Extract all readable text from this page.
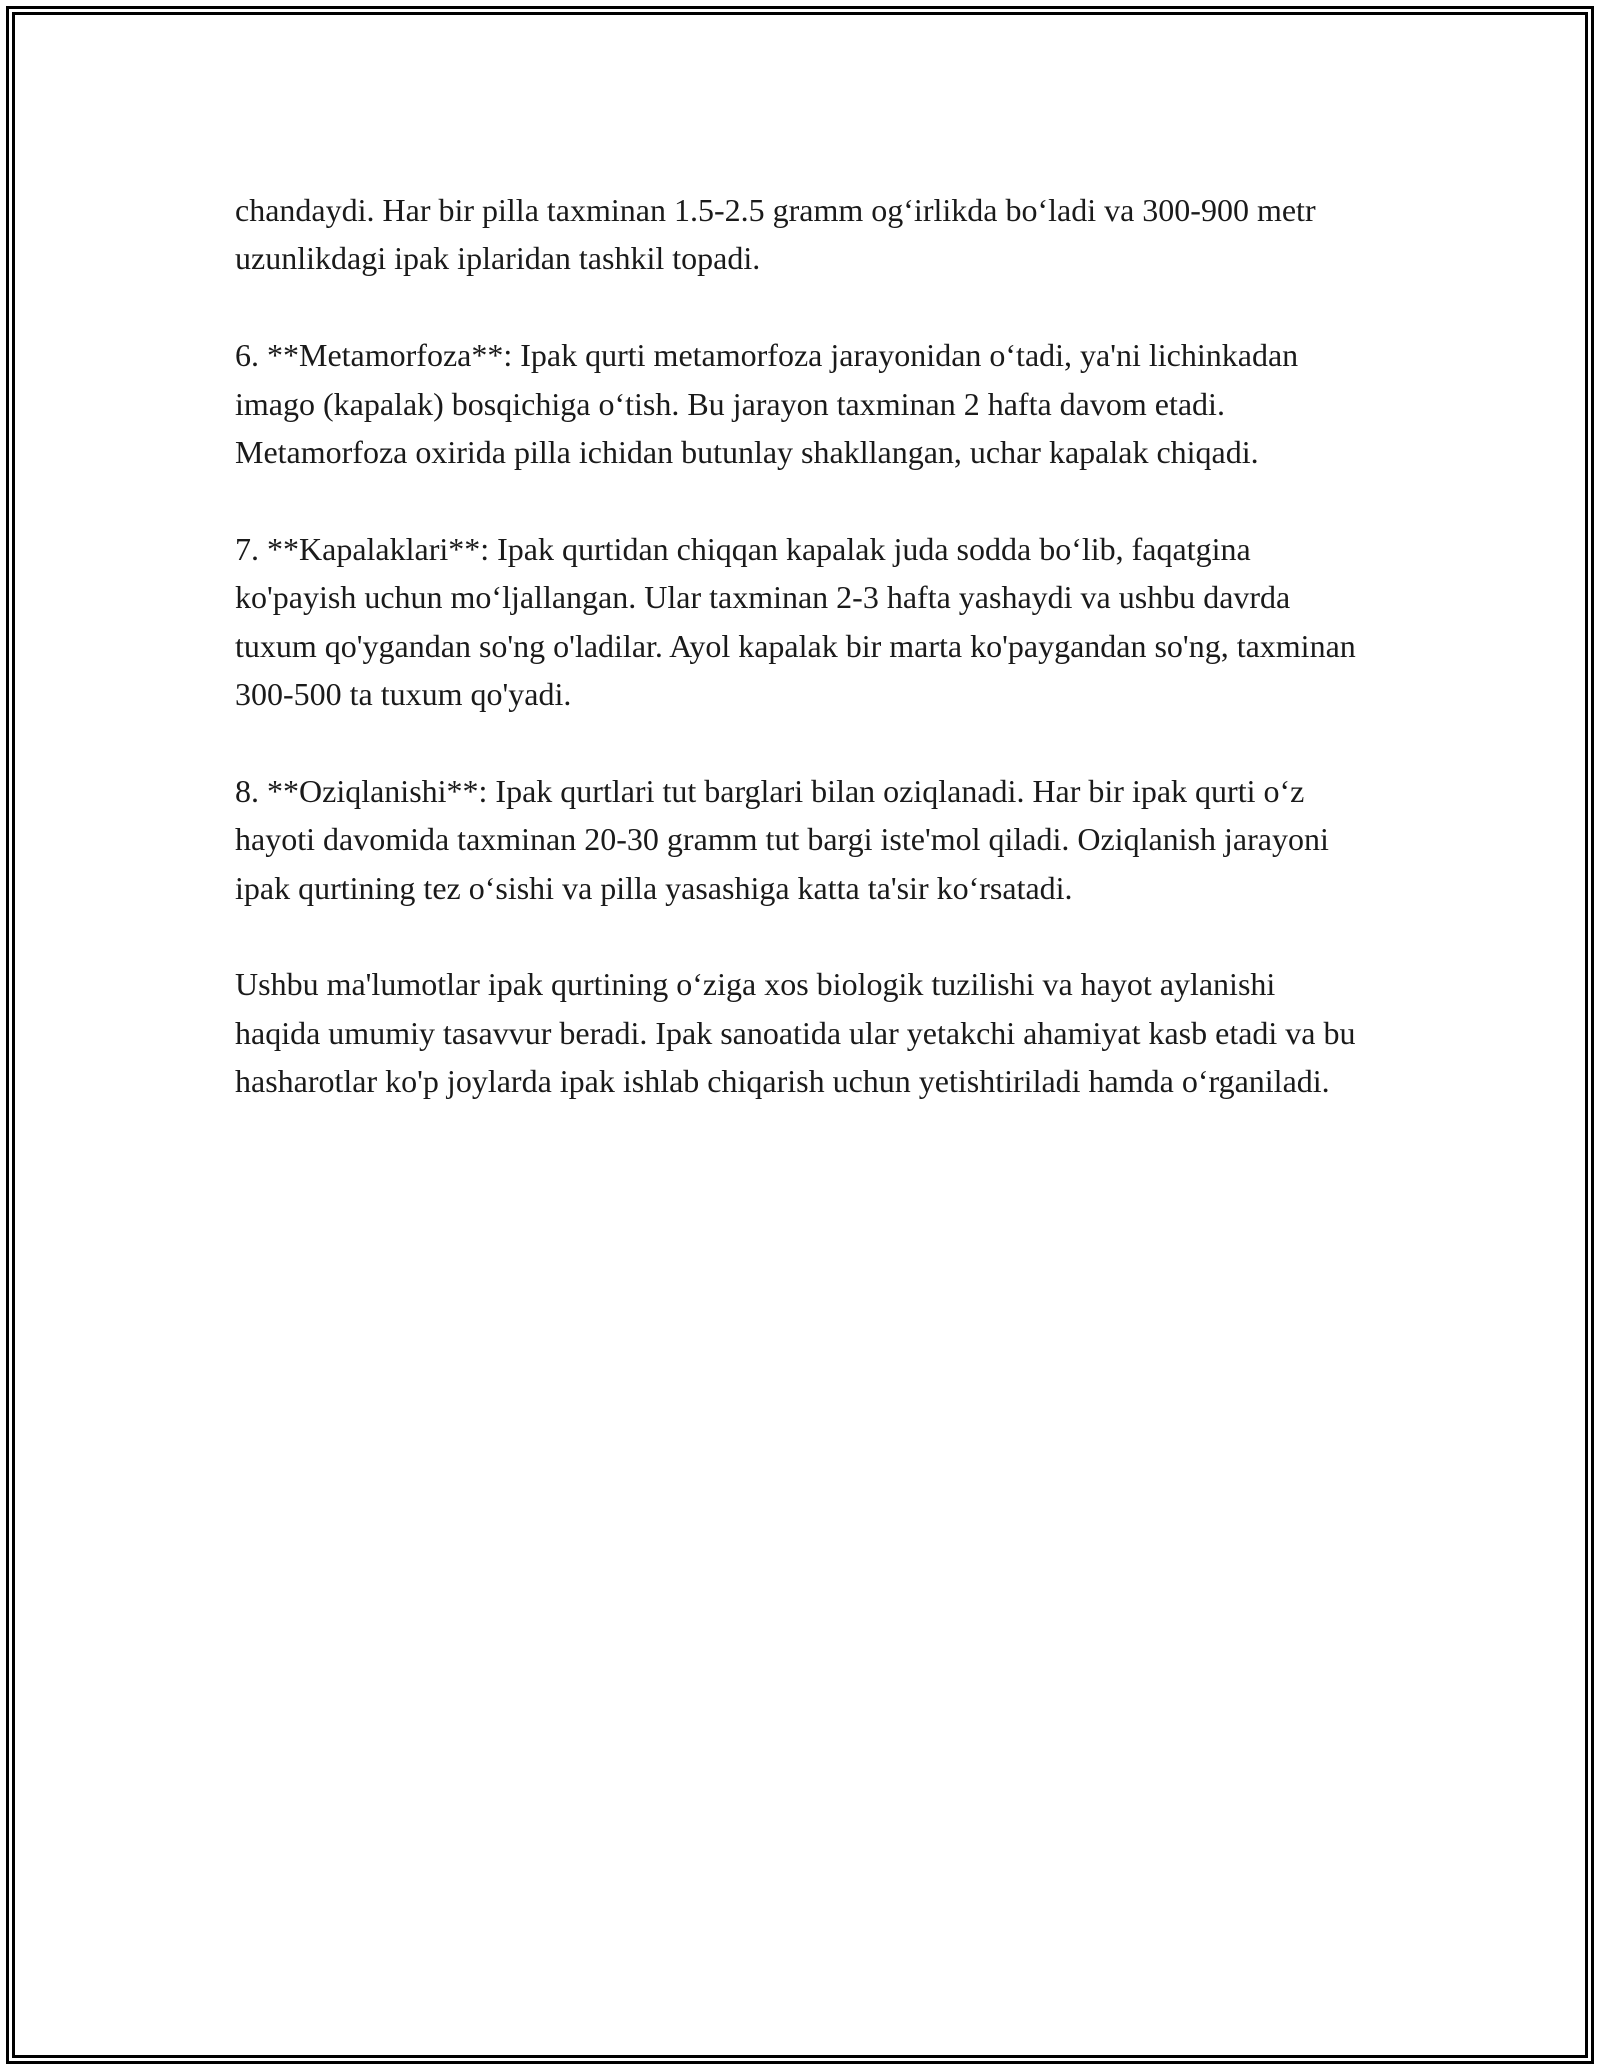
chandaydi. Har bir pilla taxminan 1.5-2.5 gramm og‘irlikda bo‘ladi va 300-900 metr uzunlikdagi ipak iplaridan tashkil topadi.

6. **Metamorfoza**: Ipak qurti metamorfoza jarayonidan o‘tadi, ya'ni lichinkadan imago (kapalak) bosqichiga o‘tish. Bu jarayon taxminan 2 hafta davom etadi. Metamorfoza oxirida pilla ichidan butunlay shakllangan, uchar kapalak chiqadi.

7. **Kapalaklari**: Ipak qurtidan chiqqan kapalak juda sodda bo‘lib, faqatgina ko'payish uchun mo‘ljallangan. Ular taxminan 2-3 hafta yashaydi va ushbu davrda tuxum qo'ygandan so'ng o'ladilar. Ayol kapalak bir marta ko'paygandan so'ng, taxminan 300-500 ta tuxum qo'yadi.

8. **Oziqlanishi**: Ipak qurtlari tut barglari bilan oziqlanadi. Har bir ipak qurti o‘z hayoti davomida taxminan 20-30 gramm tut bargi iste'mol qiladi. Oziqlanish jarayoni ipak qurtining tez o‘sishi va pilla yasashiga katta ta'sir ko‘rsatadi.

Ushbu ma'lumotlar ipak qurtining o‘ziga xos biologik tuzilishi va hayot aylanishi haqida umumiy tasavvur beradi. Ipak sanoatida ular yetakchi ahamiyat kasb etadi va bu hasharotlar ko'p joylarda ipak ishlab chiqarish uchun yetishtiriladi hamda o‘rganiladi.
